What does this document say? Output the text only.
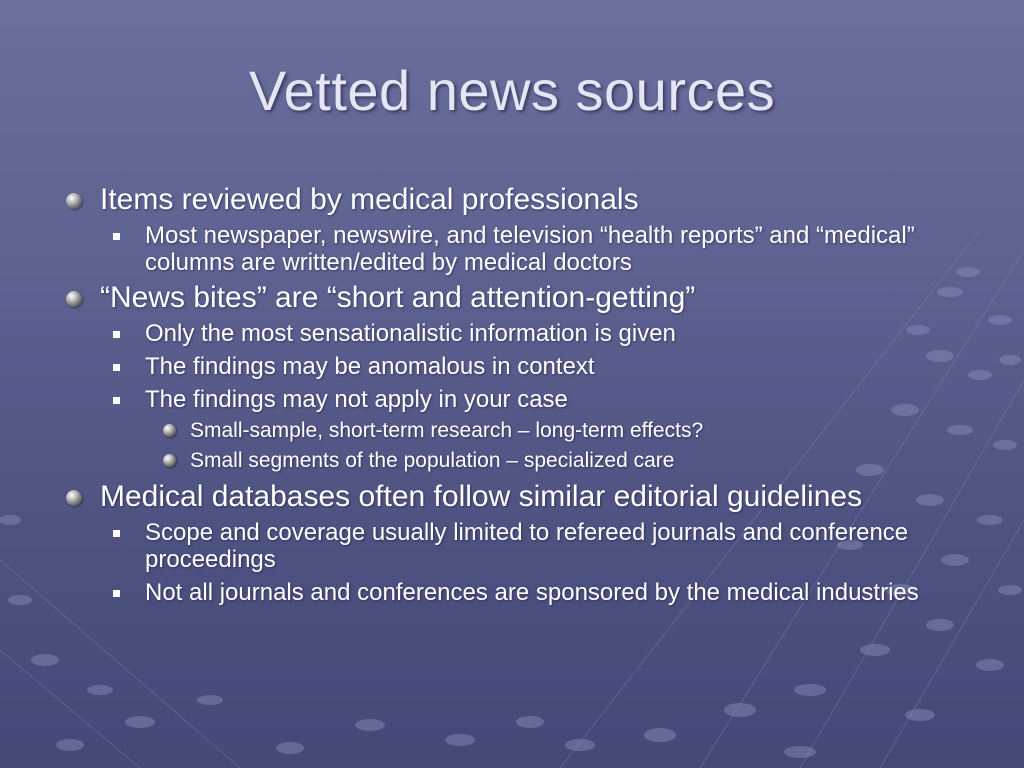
Vetted news sources
Items reviewed by medical professionals
Most newspaper, newswire, and television “health reports” and “medical” columns are written/edited by medical doctors
“News bites” are “short and attention-getting”
Only the most sensationalistic information is given
The findings may be anomalous in context
The findings may not apply in your case
Small-sample, short-term research – long-term effects?
Small segments of the population – specialized care
Medical databases often follow similar editorial guidelines
Scope and coverage usually limited to refereed journals and conference proceedings
Not all journals and conferences are sponsored by the medical industries
